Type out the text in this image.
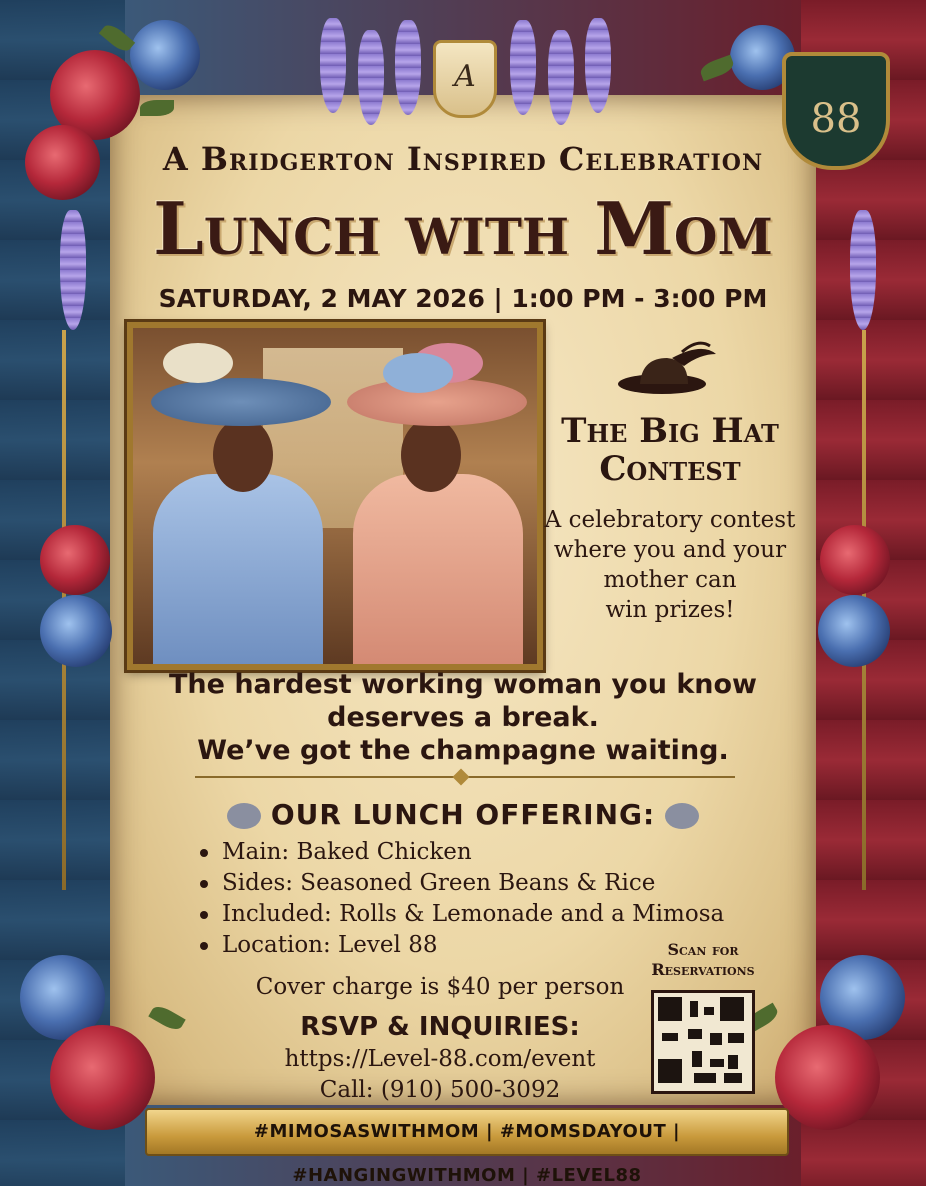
A
88
A Bridgerton Inspired Celebration
Lunch with Mom
SATURDAY, 2 MAY 2026 | 1:00 PM - 3:00 PM
The Big Hat
Contest
A celebratory contest
where you and your
mother can
win prizes!
The hardest working woman you know
deserves a break.
We’ve got the champagne waiting.
OUR LUNCH OFFERING:
Main: Baked Chicken
Sides: Seasoned Green Beans & Rice
Included: Rolls & Lemonade and a Mimosa
Location: Level 88
Cover charge is $40 per person
RSVP & INQUIRIES:
https://Level-88.com/event
Call: (910) 500-3092
Scan for
Reservations
#MIMOSASWITHMOM | #MOMSDAYOUT | #HANGINGWITHMOM | #LEVEL88
